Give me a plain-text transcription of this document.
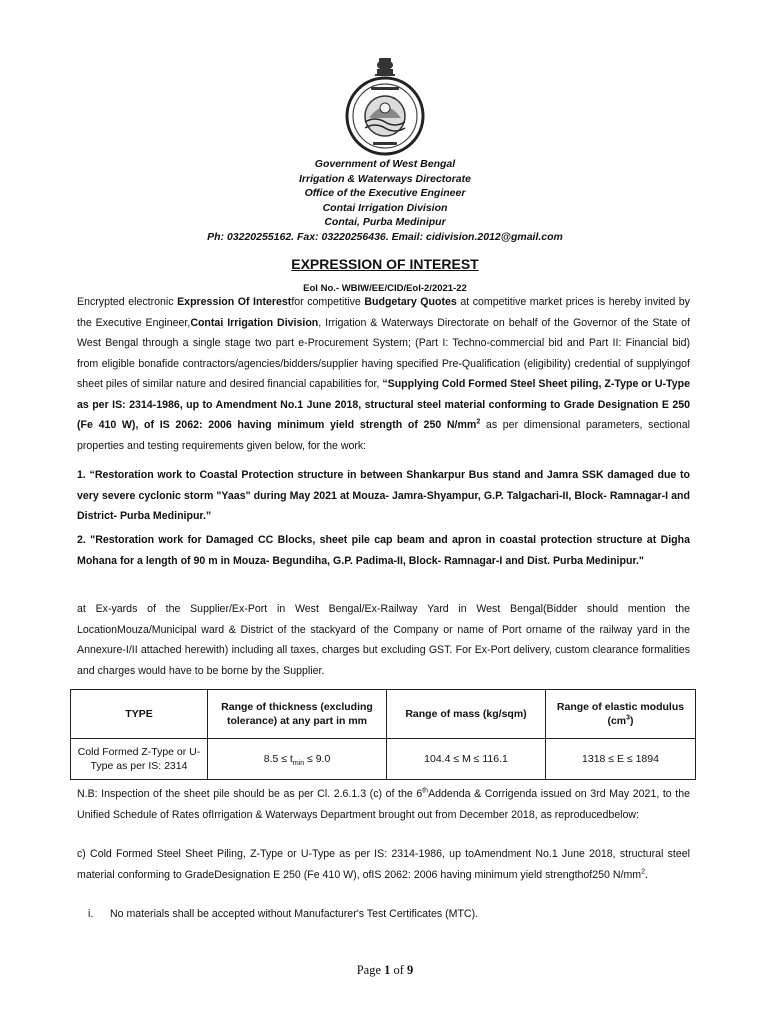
Government of West Bengal
Irrigation & Waterways Directorate
Office of the Executive Engineer
Contai Irrigation Division
Contai, Purba Medinipur
Ph: 03220255162. Fax: 03220256436. Email: cidivision.2012@gmail.com
EXPRESSION OF INTEREST
EoI No.- WBIW/EE/CID/EoI-2/2021-22
Encrypted electronic Expression Of Interestfor competitive Budgetary Quotes at competitive market prices is hereby invited by the Executive Engineer,Contai Irrigation Division, Irrigation & Waterways Directorate on behalf of the Governor of the State of West Bengal through a single stage two part e-Procurement System; (Part I: Techno-commercial bid and Part II: Financial bid) from eligible bonafide contractors/agencies/bidders/supplier having specified Pre-Qualification (eligibility) credential of supplyingof sheet piles of similar nature and desired financial capabilities for, “Supplying Cold Formed Steel Sheet piling, Z-Type or U-Type as per IS: 2314-1986, up to Amendment No.1 June 2018, structural steel material conforming to Grade Designation E 250 (Fe 410 W), of IS 2062: 2006 having minimum yield strength of 250 $N/mm^2$ as per dimensional parameters, sectional properties and testing requirements given below, for the work:
1. “Restoration work to Coastal Protection structure in between Shankarpur Bus stand and Jamra SSK damaged due to very severe cyclonic storm "Yaas" during May 2021 at Mouza- Jamra-Shyampur, G.P. Talgachari-II, Block- Ramnagar-I and District- Purba Medinipur.”
2. "Restoration work for Damaged CC Blocks, sheet pile cap beam and apron in coastal protection structure at Digha Mohana for a length of 90 m in Mouza- Begundiha, G.P. Padima-II, Block- Ramnagar-I and Dist. Purba Medinipur."
at Ex-yards of the Supplier/Ex-Port in West Bengal/Ex-Railway Yard in West Bengal(Bidder should mention the LocationMouza/Municipal ward & District of the stackyard of the Company or name of Port orname of the railway yard in the Annexure-I/II attached herewith) including all taxes, charges but excluding GST. For Ex-Port delivery, custom clearance formalities and charges would have to be borne by the Supplier.
TYPE	Range of thickness (excluding tolerance) at any part in mm	Range of mass (kg/sqm)	Range of elastic modulus $(cm^3)$
Cold Formed Z-Type or U-Type as per IS: 2314	$8.5 \le t_{min} \le 9.0$	104.4 ≤ M ≤ 116.1	1318 ≤ E ≤ 1894
N.B: Inspection of the sheet pile should be as per Cl. 2.6.1.3 (c) of the 6thAddenda & Corrigenda issued on 3rd May 2021, to the Unified Schedule of Rates ofIrrigation & Waterways Department brought out from December 2018, as reproducedbelow:
c) Cold Formed Steel Sheet Piling, Z-Type or U-Type as per IS: 2314-1986, up toAmendment No.1 June 2018, structural steel material conforming to GradeDesignation E 250 (Fe 410 W), ofIS 2062: 2006 having minimum yield strengthof250 $N/mm^2$.
i. No materials shall be accepted without Manufacturer's Test Certificates (MTC).
Page 1 of 9
